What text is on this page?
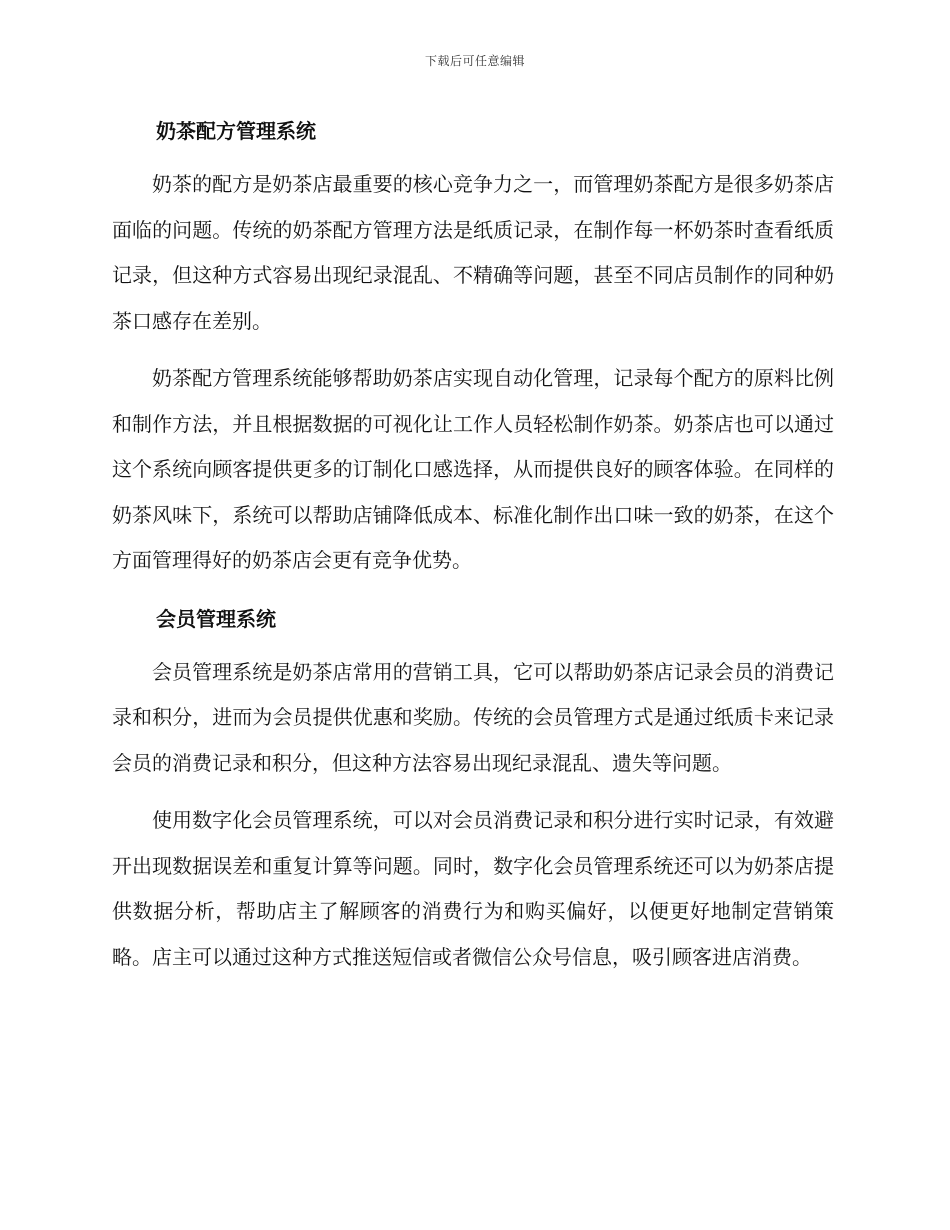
下载后可任意编辑
奶茶配方管理系统

奶茶的配方是奶茶店最重要的核心竞争力之一，而管理奶茶配方是很多奶茶店面临的问题。传统的奶茶配方管理方法是纸质记录，在制作每一杯奶茶时查看纸质记录，但这种方式容易出现纪录混乱、不精确等问题，甚至不同店员制作的同种奶茶口感存在差别。

奶茶配方管理系统能够帮助奶茶店实现自动化管理，记录每个配方的原料比例和制作方法，并且根据数据的可视化让工作人员轻松制作奶茶。奶茶店也可以通过这个系统向顾客提供更多的订制化口感选择，从而提供良好的顾客体验。在同样的奶茶风味下，系统可以帮助店铺降低成本、标准化制作出口味一致的奶茶，在这个方面管理得好的奶茶店会更有竞争优势。

会员管理系统

会员管理系统是奶茶店常用的营销工具，它可以帮助奶茶店记录会员的消费记录和积分，进而为会员提供优惠和奖励。传统的会员管理方式是通过纸质卡来记录会员的消费记录和积分，但这种方法容易出现纪录混乱、遗失等问题。

使用数字化会员管理系统，可以对会员消费记录和积分进行实时记录，有效避开出现数据误差和重复计算等问题。同时，数字化会员管理系统还可以为奶茶店提供数据分析，帮助店主了解顾客的消费行为和购买偏好，以便更好地制定营销策略。店主可以通过这种方式推送短信或者微信公众号信息，吸引顾客进店消费。
